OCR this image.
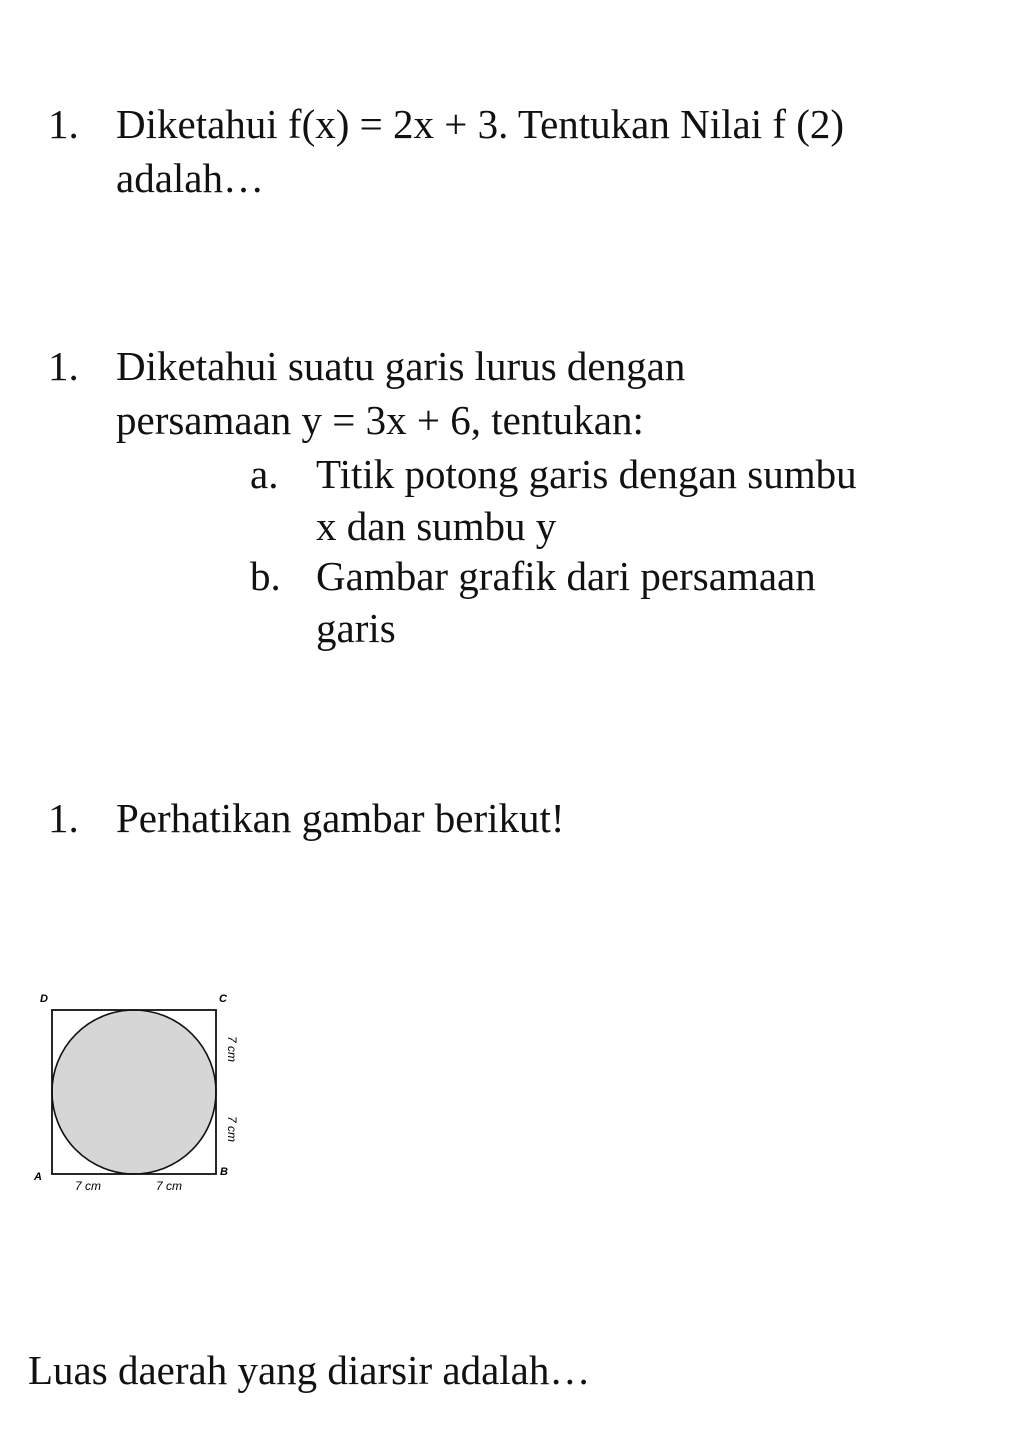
1. Diketahui f(x) = 2x + 3. Tentukan Nilai f (2)
adalah…
1. Diketahui suatu garis lurus dengan
persamaan y = 3x + 6, tentukan:
a. Titik potong garis dengan sumbu
x dan sumbu y
b. Gambar grafik dari persamaan
garis
1. Perhatikan gambar berikut!
D	C
A	B
7 cm	7 cm
7 cm
7 cm
Luas daerah yang diarsir adalah…
